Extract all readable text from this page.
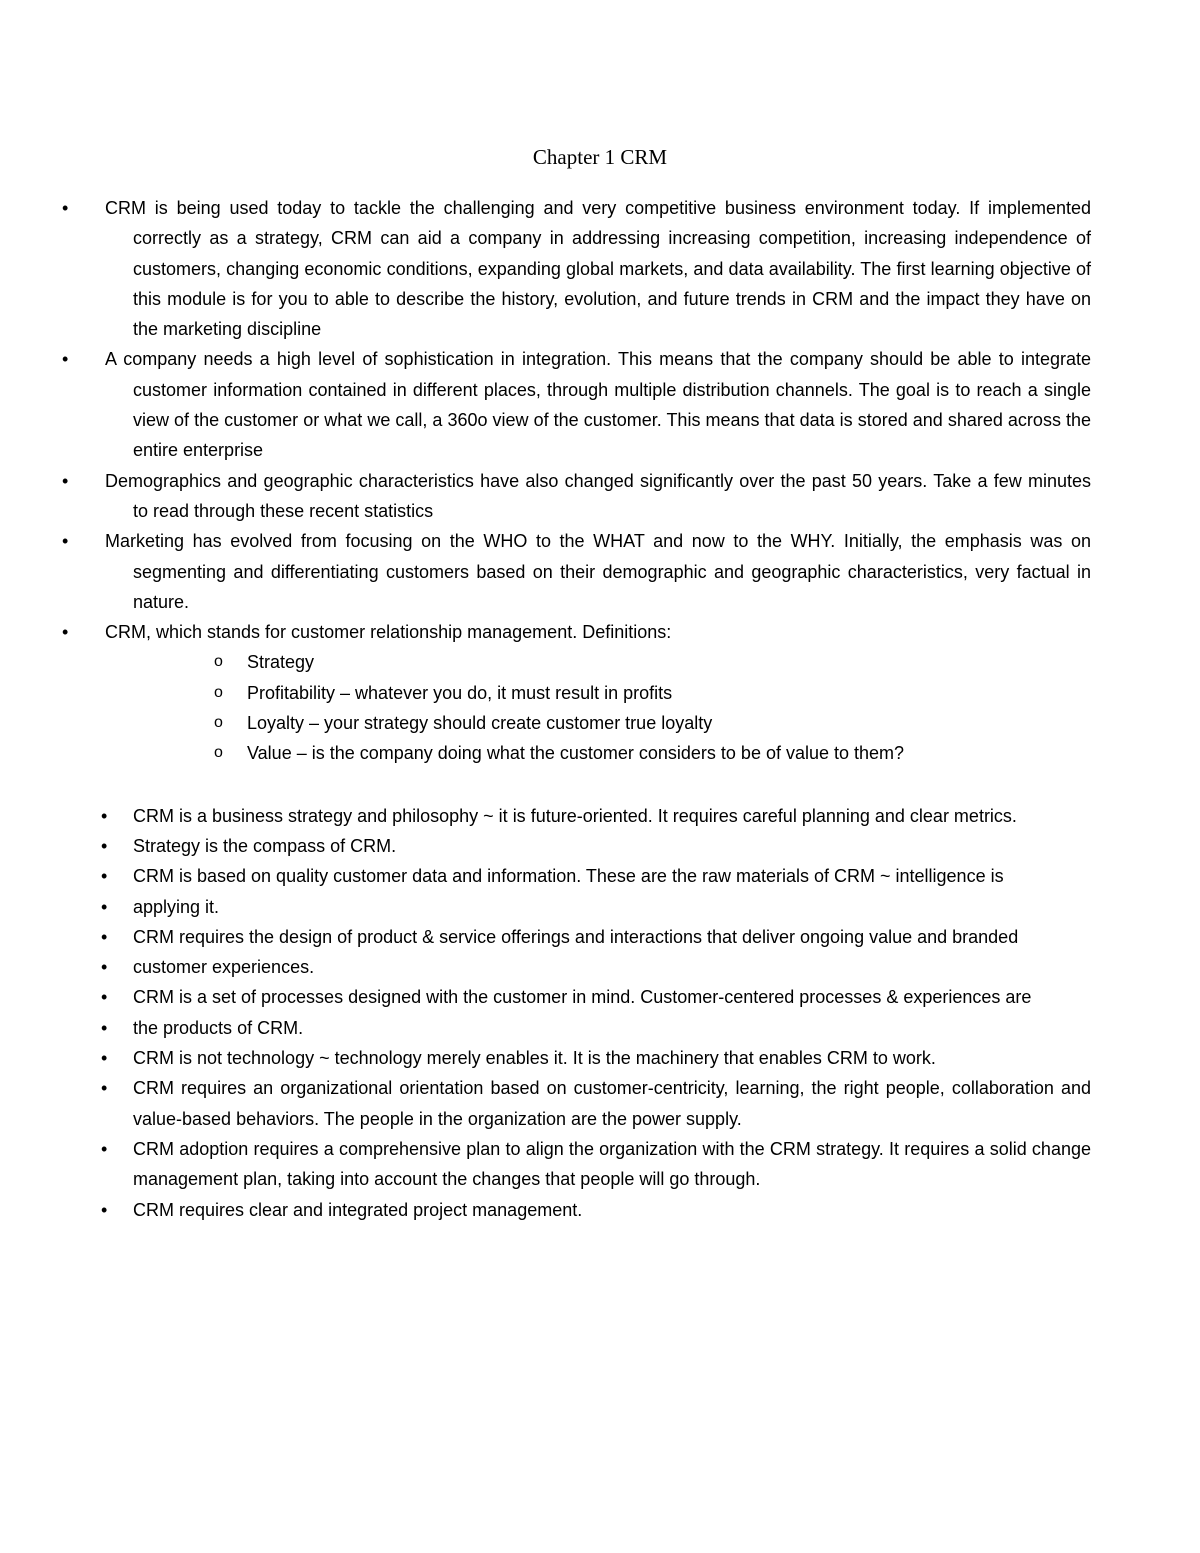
Chapter 1 CRM
• CRM is being used today to tackle the challenging and very competitive business environment today. If implemented correctly as a strategy, CRM can aid a company in addressing increasing competition, increasing independence of customers, changing economic conditions, expanding global markets, and data availability. The first learning objective of this module is for you to able to describe the history, evolution, and future trends in CRM and the impact they have on the marketing discipline
• A company needs a high level of sophistication in integration. This means that the company should be able to integrate customer information contained in different places, through multiple distribution channels. The goal is to reach a single view of the customer or what we call, a 360o view of the customer. This means that data is stored and shared across the entire enterprise
• Demographics and geographic characteristics have also changed significantly over the past 50 years. Take a few minutes to read through these recent statistics
• Marketing has evolved from focusing on the WHO to the WHAT and now to the WHY. Initially, the emphasis was on segmenting and differentiating customers based on their demographic and geographic characteristics, very factual in nature.
• CRM, which stands for customer relationship management. Definitions:
o Strategy
o Profitability – whatever you do, it must result in profits
o Loyalty – your strategy should create customer true loyalty
o Value – is the company doing what the customer considers to be of value to them?
• CRM is a business strategy and philosophy ~ it is future-oriented. It requires careful planning and clear metrics.
• Strategy is the compass of CRM.
• CRM is based on quality customer data and information. These are the raw materials of CRM ~ intelligence is
• applying it.
• CRM requires the design of product & service offerings and interactions that deliver ongoing value and branded
• customer experiences.
• CRM is a set of processes designed with the customer in mind. Customer-centered processes & experiences are
• the products of CRM.
• CRM is not technology ~ technology merely enables it. It is the machinery that enables CRM to work.
• CRM requires an organizational orientation based on customer-centricity, learning, the right people, collaboration and value-based behaviors. The people in the organization are the power supply.
• CRM adoption requires a comprehensive plan to align the organization with the CRM strategy. It requires a solid change management plan, taking into account the changes that people will go through.
• CRM requires clear and integrated project management.
